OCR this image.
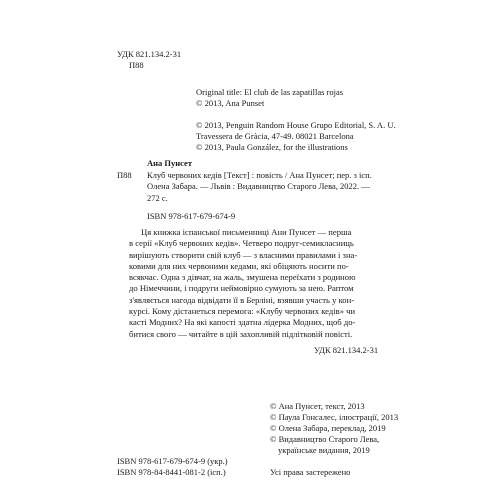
УДК 821.134.2-31
П88
Original title: El club de las zapatillas rojas
© 2013, Ana Punset
© 2013, Penguin Random House Grupo Editorial, S. A. U.
Travessera de Gràcia, 47-49. 08021 Barcelona
© 2013, Paula González, for the illustrations
П88
Ана Пунсет
Клуб червоних кедів [Текст] : повість / Ана Пунсет; пер. з ісп.
Олена Забара. — Львів : Видавництво Старого Лева, 2022. —
272 с.
ISBN 978-617-679-674-9
Ця книжка іспанської письменниці Ани Пунсет — перша
в серії «Клуб червоних кедів». Четверо подруг-семикласниць
вирішують створити свій клуб — з власними правилами і зна-
ковими для них червоними кедами, які обіцяють носити по-
всякчас. Одна з дівчат, на жаль, змушена переїхати з родиною
до Німеччини, і подруги неймовірно сумують за нею. Раптом
з'являється нагода відвідати її в Берліні, взявши участь у кон-
курсі. Кому дістанеться перемога: «Клубу червоних кедів» чи
касті Модних? На які капості здатна лідерка Модних, щоб до-
битися свого — читайте в цій захопливій підлітковій повісті.
УДК 821.134.2-31
© Ана Пунсет, текст, 2013
© Паула Гонсалес, ілюстрації, 2013
© Олена Забара, переклад, 2019
© Видавництво Старого Лева,
українське видання, 2019
ISBN 978-617-679-674-9 (укр.)
ISBN 978-84-8441-081-2 (ісп.)	Усі права застережено
